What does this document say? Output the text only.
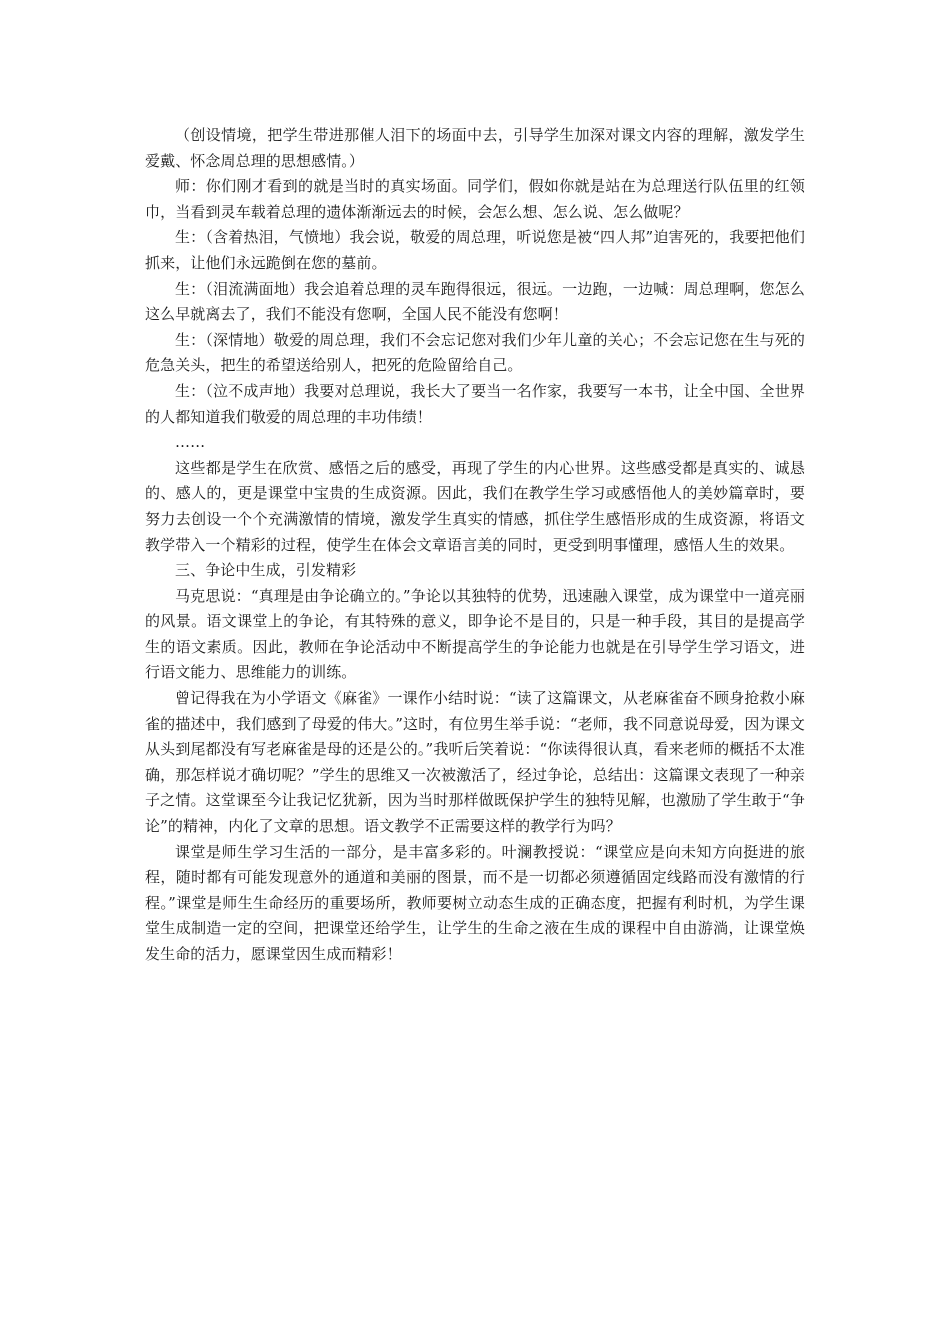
（创设情境，把学生带进那催人泪下的场面中去，引导学生加深对课文内容的理解，激发学生爱戴、怀念周总理的思想感情。）

师：你们刚才看到的就是当时的真实场面。同学们，假如你就是站在为总理送行队伍里的红领巾，当看到灵车载着总理的遗体渐渐远去的时候，会怎么想、怎么说、怎么做呢？

生：（含着热泪，气愤地）我会说，敬爱的周总理，听说您是被“四人邦”迫害死的，我要把他们抓来，让他们永远跪倒在您的墓前。

生：（泪流满面地）我会追着总理的灵车跑得很远，很远。一边跑，一边喊：周总理啊，您怎么这么早就离去了，我们不能没有您啊，全国人民不能没有您啊！

生：（深情地）敬爱的周总理，我们不会忘记您对我们少年儿童的关心；不会忘记您在生与死的危急关头，把生的希望送给别人，把死的危险留给自己。

生：（泣不成声地）我要对总理说，我长大了要当一名作家，我要写一本书，让全中国、全世界的人都知道我们敬爱的周总理的丰功伟绩！

……

这些都是学生在欣赏、感悟之后的感受，再现了学生的内心世界。这些感受都是真实的、诚恳的、感人的，更是课堂中宝贵的生成资源。因此，我们在教学生学习或感悟他人的美妙篇章时，要努力去创设一个个充满激情的情境，激发学生真实的情感，抓住学生感悟形成的生成资源，将语文教学带入一个精彩的过程，使学生在体会文章语言美的同时，更受到明事懂理，感悟人生的效果。

三、争论中生成，引发精彩

马克思说：“真理是由争论确立的。”争论以其独特的优势，迅速融入课堂，成为课堂中一道亮丽的风景。语文课堂上的争论，有其特殊的意义，即争论不是目的，只是一种手段，其目的是提高学生的语文素质。因此，教师在争论活动中不断提高学生的争论能力也就是在引导学生学习语文，进行语文能力、思维能力的训练。

曾记得我在为小学语文《麻雀》一课作小结时说：“读了这篇课文，从老麻雀奋不顾身抢救小麻雀的描述中，我们感到了母爱的伟大。”这时，有位男生举手说：“老师，我不同意说母爱，因为课文从头到尾都没有写老麻雀是母的还是公的。”我听后笑着说：“你读得很认真，看来老师的概括不太准确，那怎样说才确切呢？”学生的思维又一次被激活了，经过争论，总结出：这篇课文表现了一种亲子之情。这堂课至今让我记忆犹新，因为当时那样做既保护学生的独特见解，也激励了学生敢于“争论”的精神，内化了文章的思想。语文教学不正需要这样的教学行为吗？

课堂是师生学习生活的一部分，是丰富多彩的。叶澜教授说：“课堂应是向未知方向挺进的旅程，随时都有可能发现意外的通道和美丽的图景，而不是一切都必须遵循固定线路而没有激情的行程。”课堂是师生生命经历的重要场所，教师要树立动态生成的正确态度，把握有利时机，为学生课堂生成制造一定的空间，把课堂还给学生，让学生的生命之液在生成的课程中自由游淌，让课堂焕发生命的活力，愿课堂因生成而精彩！
